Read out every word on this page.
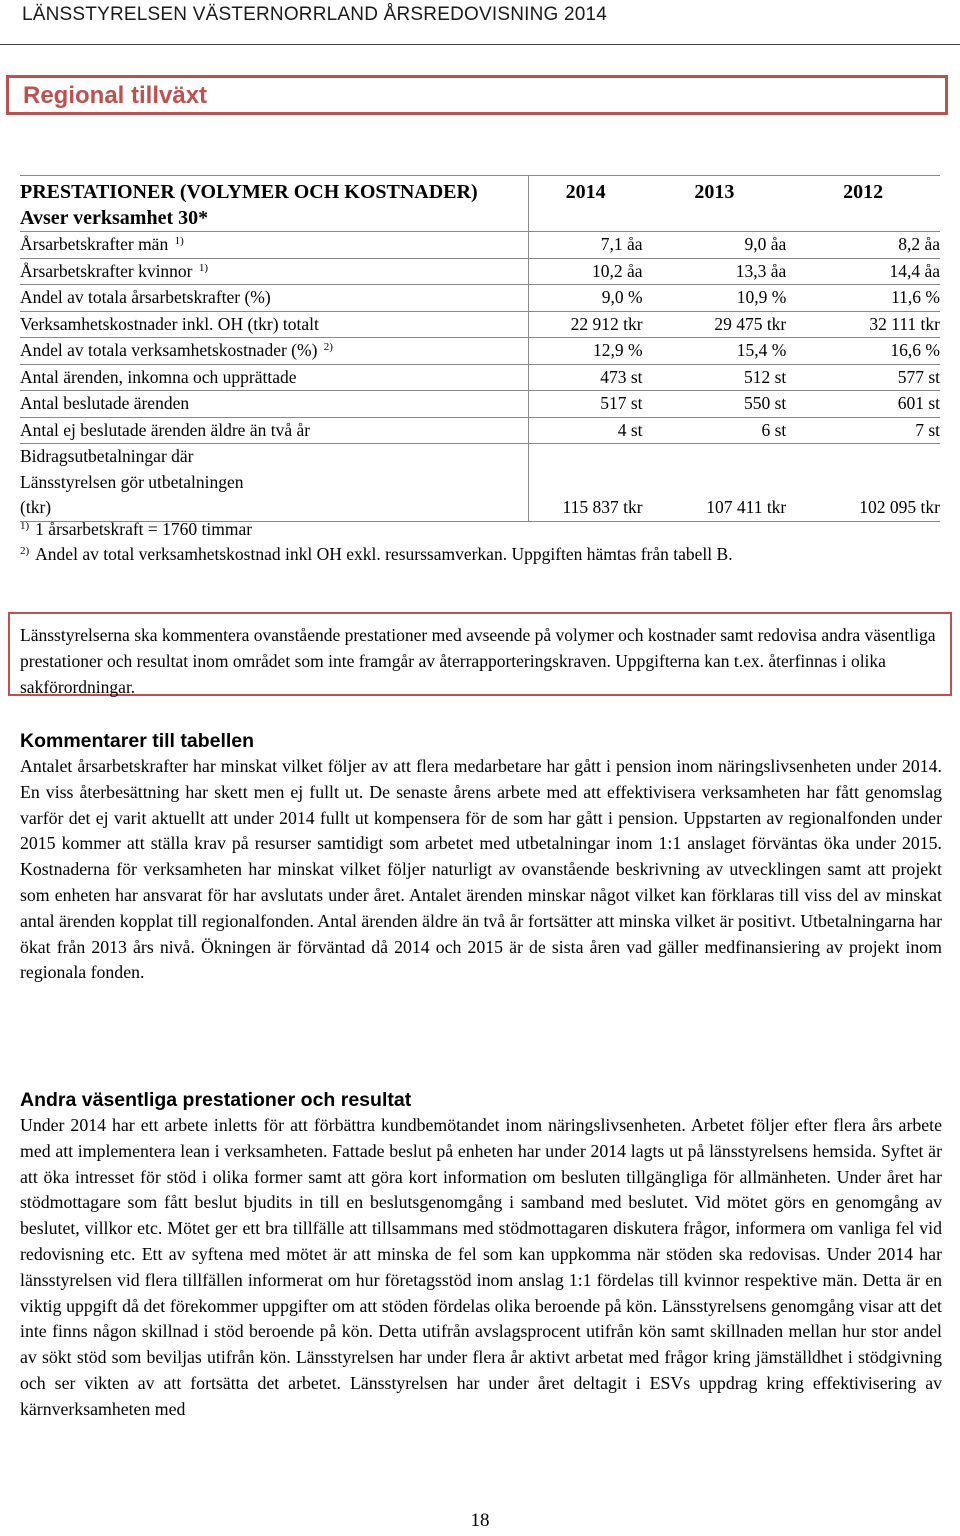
LÄNSSTYRELSEN VÄSTERNORRLAND ÅRSREDOVISNING 2014
Regional tillväxt
PRESTATIONER (VOLYMER OCH KOSTNADER)	2014	2013	2012
Avser verksamhet 30*			
Årsarbetskrafter män $^{1)}$	7,1 åa	9,0 åa	8,2 åa
Årsarbetskrafter kvinnor $^{1)}$	10,2 åa	13,3 åa	14,4 åa
Andel av totala årsarbetskrafter (%)	9,0 %	10,9 %	11,6 %
Verksamhetskostnader inkl. OH (tkr) totalt	22 912 tkr	29 475 tkr	32 111 tkr
Andel av totala verksamhetskostnader (%) $^{2)}$	12,9 %	15,4 %	16,6 %
Antal ärenden, inkomna och upprättade	473 st	512 st	577 st
Antal beslutade ärenden	517 st	550 st	601 st
Antal ej beslutade ärenden äldre än två år	4 st	6 st	7 st
Bidragsutbetalningar där Länsstyrelsen gör utbetalningen (tkr)	115 837 tkr	107 411 tkr	102 095 tkr
$^{1)}$ 1 årsarbetskraft = 1760 timmar
$^{2)}$ Andel av total verksamhetskostnad inkl OH exkl. resurssamverkan. Uppgiften hämtas från tabell B.
Länsstyrelserna ska kommentera ovanstående prestationer med avseende på volymer och kostnader samt redovisa andra väsentliga prestationer och resultat inom området som inte framgår av återrapporteringskraven. Uppgifterna kan t.ex. återfinnas i olika sakförordningar.
Kommentarer till tabellen
Antalet årsarbetskrafter har minskat vilket följer av att flera medarbetare har gått i pension inom näringslivsenheten under 2014. En viss återbesättning har skett men ej fullt ut. De senaste årens arbete med att effektivisera verksamheten har fått genomslag varför det ej varit aktuellt att under 2014 fullt ut kompensera för de som har gått i pension. Uppstarten av regionalfonden under 2015 kommer att ställa krav på resurser samtidigt som arbetet med utbetalningar inom 1:1 anslaget förväntas öka under 2015. Kostnaderna för verksamheten har minskat vilket följer naturligt av ovanstående beskrivning av utvecklingen samt att projekt som enheten har ansvarat för har avslutats under året. Antalet ärenden minskar något vilket kan förklaras till viss del av minskat antal ärenden kopplat till regionalfonden. Antal ärenden äldre än två år fortsätter att minska vilket är positivt. Utbetalningarna har ökat från 2013 års nivå. Ökningen är förväntad då 2014 och 2015 är de sista åren vad gäller medfinansiering av projekt inom regionala fonden.
Andra väsentliga prestationer och resultat
Under 2014 har ett arbete inletts för att förbättra kundbemötandet inom näringslivsenheten. Arbetet följer efter flera års arbete med att implementera lean i verksamheten. Fattade beslut på enheten har under 2014 lagts ut på länsstyrelsens hemsida. Syftet är att öka intresset för stöd i olika former samt att göra kort information om besluten tillgängliga för allmänheten. Under året har stödmottagare som fått beslut bjudits in till en beslutsgenomgång i samband med beslutet. Vid mötet görs en genomgång av beslutet, villkor etc. Mötet ger ett bra tillfälle att tillsammans med stödmottagaren diskutera frågor, informera om vanliga fel vid redovisning etc. Ett av syftena med mötet är att minska de fel som kan uppkomma när stöden ska redovisas. Under 2014 har länsstyrelsen vid flera tillfällen informerat om hur företagsstöd inom anslag 1:1 fördelas till kvinnor respektive män. Detta är en viktig uppgift då det förekommer uppgifter om att stöden fördelas olika beroende på kön. Länsstyrelsens genomgång visar att det inte finns någon skillnad i stöd beroende på kön. Detta utifrån avslagsprocent utifrån kön samt skillnaden mellan hur stor andel av sökt stöd som beviljas utifrån kön. Länsstyrelsen har under flera år aktivt arbetat med frågor kring jämställdhet i stödgivning och ser vikten av att fortsätta det arbetet. Länsstyrelsen har under året deltagit i ESVs uppdrag kring effektivisering av kärnverksamheten med
18
